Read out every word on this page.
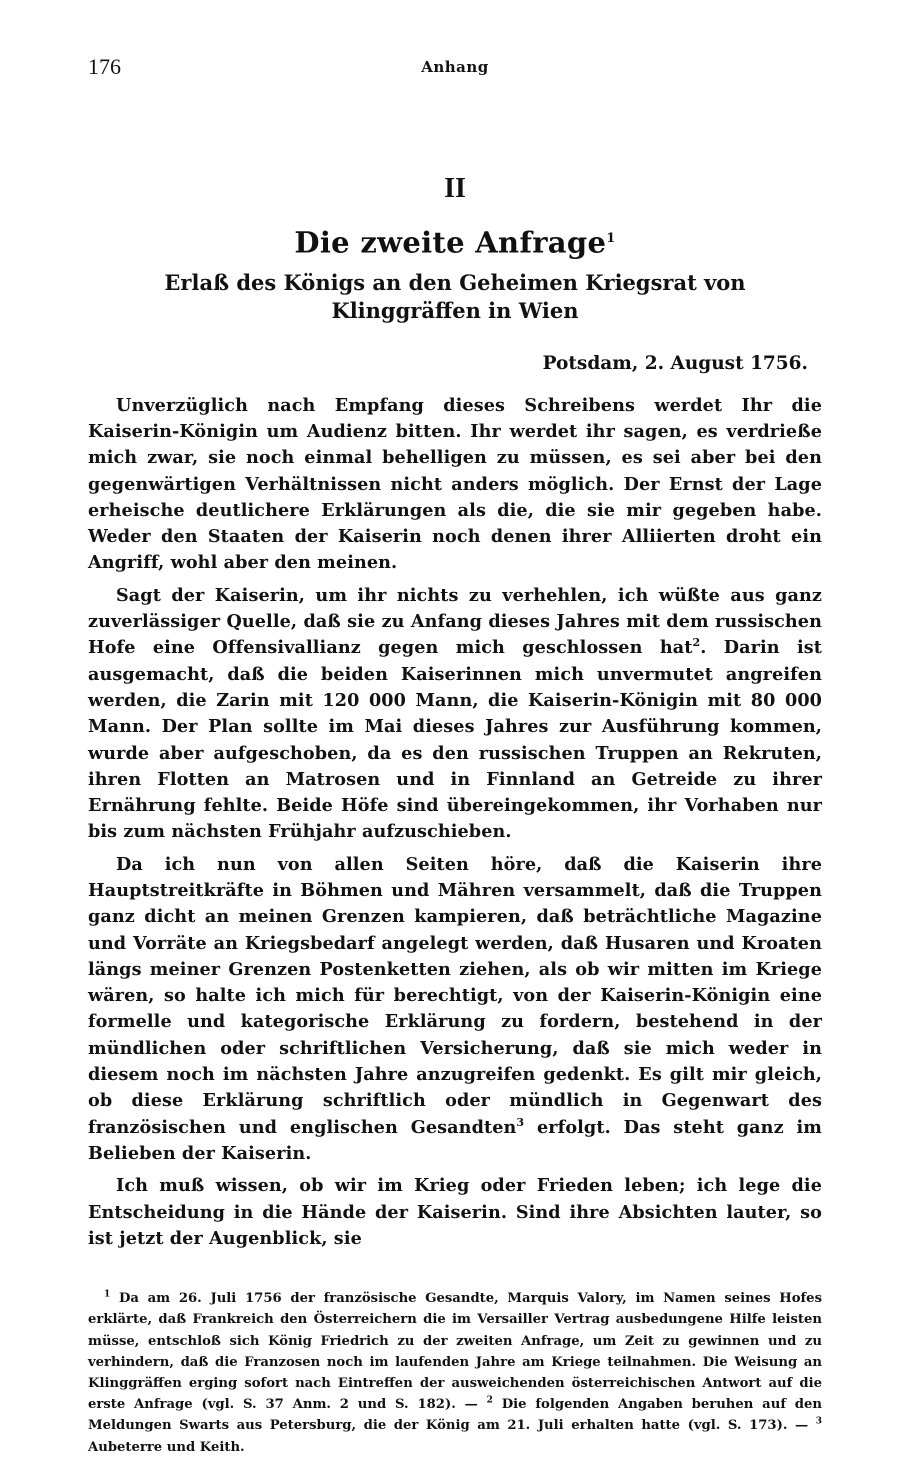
176	Anhang
II
Die zweite Anfrage$^1$
Erlaß des Königs an den Geheimen Kriegsrat von Klinggräffen in Wien
Potsdam, 2. August 1756.

Unverzüglich nach Empfang dieses Schreibens werdet Ihr die Kaiserin-Königin um Audienz bitten. Ihr werdet ihr sagen, es verdrieße mich zwar, sie noch einmal behelligen zu müssen, es sei aber bei den gegenwärtigen Verhältnissen nicht anders möglich. Der Ernst der Lage erheische deutlichere Erklärungen als die, die sie mir gegeben habe. Weder den Staaten der Kaiserin noch denen ihrer Alliierten droht ein Angriff, wohl aber den meinen.

Sagt der Kaiserin, um ihr nichts zu verhehlen, ich wüßte aus ganz zuverlässiger Quelle, daß sie zu Anfang dieses Jahres mit dem russischen Hofe eine Offensivallianz gegen mich geschlossen hat$^2$. Darin ist ausgemacht, daß die beiden Kaiserinnen mich unvermutet angreifen werden, die Zarin mit 120 000 Mann, die Kaiserin-Königin mit 80 000 Mann. Der Plan sollte im Mai dieses Jahres zur Ausführung kommen, wurde aber aufgeschoben, da es den russischen Truppen an Rekruten, ihren Flotten an Matrosen und in Finnland an Getreide zu ihrer Ernährung fehlte. Beide Höfe sind übereingekommen, ihr Vorhaben nur bis zum nächsten Frühjahr aufzuschieben.

Da ich nun von allen Seiten höre, daß die Kaiserin ihre Hauptstreitkräfte in Böhmen und Mähren versammelt, daß die Truppen ganz dicht an meinen Grenzen kampieren, daß beträchtliche Magazine und Vorräte an Kriegsbedarf angelegt werden, daß Husaren und Kroaten längs meiner Grenzen Postenketten ziehen, als ob wir mitten im Kriege wären, so halte ich mich für berechtigt, von der Kaiserin-Königin eine formelle und kategorische Erklärung zu fordern, bestehend in der mündlichen oder schriftlichen Versicherung, daß sie mich weder in diesem noch im nächsten Jahre anzugreifen gedenkt. Es gilt mir gleich, ob diese Erklärung schriftlich oder mündlich in Gegenwart des französischen und englischen Gesandten$^3$ erfolgt. Das steht ganz im Belieben der Kaiserin.

Ich muß wissen, ob wir im Krieg oder Frieden leben; ich lege die Entscheidung in die Hände der Kaiserin. Sind ihre Absichten lauter, so ist jetzt der Augenblick, sie

$^1$ Da am 26. Juli 1756 der französische Gesandte, Marquis Valory, im Namen seines Hofes erklärte, daß Frankreich den Österreichern die im Versailler Vertrag ausbedungene Hilfe leisten müsse, entschloß sich König Friedrich zu der zweiten Anfrage, um Zeit zu gewinnen und zu verhindern, daß die Franzosen noch im laufenden Jahre am Kriege teilnahmen. Die Weisung an Klinggräffen erging sofort nach Eintreffen der ausweichenden österreichischen Antwort auf die erste Anfrage (vgl. S. 37 Anm. 2 und S. 182). — $^2$ Die folgenden Angaben beruhen auf den Meldungen Swarts aus Petersburg, die der König am 21. Juli erhalten hatte (vgl. S. 173). — $^3$ Aubeterre und Keith.
